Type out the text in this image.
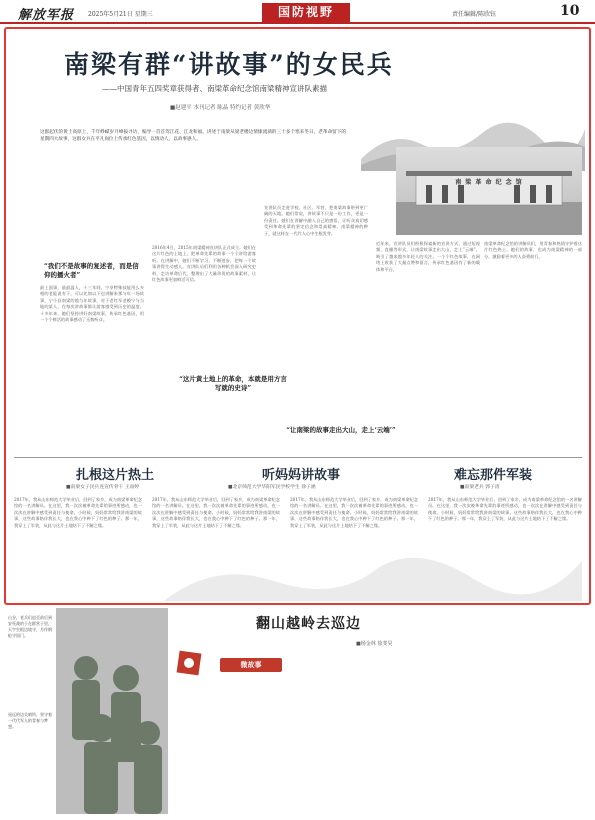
解放军报 2025年5月21日 星期三	国防视野	责任编辑/陈欣钰	10
南梁有群“讲故事”的女民兵
——中国青年五四奖章获得者、南梁革命纪念馆南梁精神宣讲队素描
■赵建平 本刊记者 陈晶 特约记者 黄欣华
这群起伏的黄土高原上，千年峥嵘岁月峰拔寻访，编导一首首驾江花、江龙和福。讲述于南梁从梁老楼边情愫流淌的三十多个寒来冬日，老革命留下的星期四大故事，这群女兵在平凡岗位上传承红色基因，以情动人，以故事感人。
南 梁 革 命 纪 念 馆
“我们不是故事的复述者，而是信仰的播火者”
“这片黄土地上的革命，本就是用方言写就的史诗”
“让南梁的故事走出大山，走上‘云端’”
最上面事，最最温人，十三年间，宁享特殊技能用么多相的老能说有下，可以比如以下也讲解来那与年一场故事，宁小县南梁的地与年故事，对于老红军老模宁与当地的某人，在每次讲故事都让游客感受到历史的温度。十多年来，她们坚持讲好南梁故事，传承红色基因，用一个个鲜活的故事感动了无数听众。
2016年4月，2015年南梁精神宣讲队正式成立。她们在这片红色的土地上，把革命先辈的故事一个个讲给游客听。在讲解中，她们不断学习，不断进步，把每一个故事讲得生动感人。宣讲队员们利用各种机会深入研究史料，走访革命后代，整理出了大量珍贵的故事素材，让红色故事更加鲜活可信。
宣讲队员走进学校、社区、军营，把南梁故事带到更广阔的天地。她们常说，讲故事不只是一份工作，更是一份责任。她们在讲解中融入自己的感悟，让听众真切感受到革命先辈的坚定信念和崇高精神。南梁精神的种子，就这样在一代代人心中生根发芽。
近年来，宣讲队员们积极探索新的宣讲方式，通过短视频、直播等形式，让南梁故事走出大山，走上“云端”，吸引了越来越多年轻人的关注。一个个红色故事，在网络上收获了大量点赞和留言，传承红色基因有了新的载体和平台。
南梁革命纪念馆的讲解员们，用青春和热情守护着这片红色热土。她们的故事，也成为南梁精神的一部分，激励着更多的人奋勇前行。
扎根这片热土
■南梁女子民兵连宣传骨干 王雨婷
听妈妈讲故事
■北京师范大学华阳军民学校学生 徐子涵
难忘那件军装
■南梁老兵 郭子清
2017年，我从山东师范大学毕业后，回到了家乡，成为南梁革命纪念馆的一名讲解员。在这里，我一次次被革命先辈的事迹所感动，也一次次在讲解中感受到责任与使命。小时候，妈妈常常给我讲南梁的故事，这些故事陪伴我长大，也在我心中种下了红色的种子。那一年，我穿上了军装，从此与这片土地结下了不解之缘。
2017年，我从山东师范大学毕业后，回到了家乡，成为南梁革命纪念馆的一名讲解员。在这里，我一次次被革命先辈的事迹所感动，也一次次在讲解中感受到责任与使命。小时候，妈妈常常给我讲南梁的故事，这些故事陪伴我长大，也在我心中种下了红色的种子。那一年，我穿上了军装，从此与这片土地结下了不解之缘。
2017年，我从山东师范大学毕业后，回到了家乡，成为南梁革命纪念馆的一名讲解员。在这里，我一次次被革命先辈的事迹所感动，也一次次在讲解中感受到责任与使命。小时候，妈妈常常给我讲南梁的故事，这些故事陪伴我长大，也在我心中种下了红色的种子。那一年，我穿上了军装，从此与这片土地结下了不解之缘。
2017年，我从山东师范大学毕业后，回到了家乡，成为南梁革命纪念馆的一名讲解员。在这里，我一次次被革命先辈的事迹所感动，也一次次在讲解中感受到责任与使命。小时候，妈妈常常给我讲南梁的故事，这些故事陪伴我长大，也在我心中种下了红色的种子。那一年，我穿上了军装，从此与这片土地结下了不解之缘。
山谷，老兵们追至前后到安死战的子在群营子里。天宇生根边境守，月伴钢枪守国门。
遥远的边关哨所，坚守着一代代军人的青春与梦想。
翻山越岭去巡边
■杨金林 徐斐昊
微故事
